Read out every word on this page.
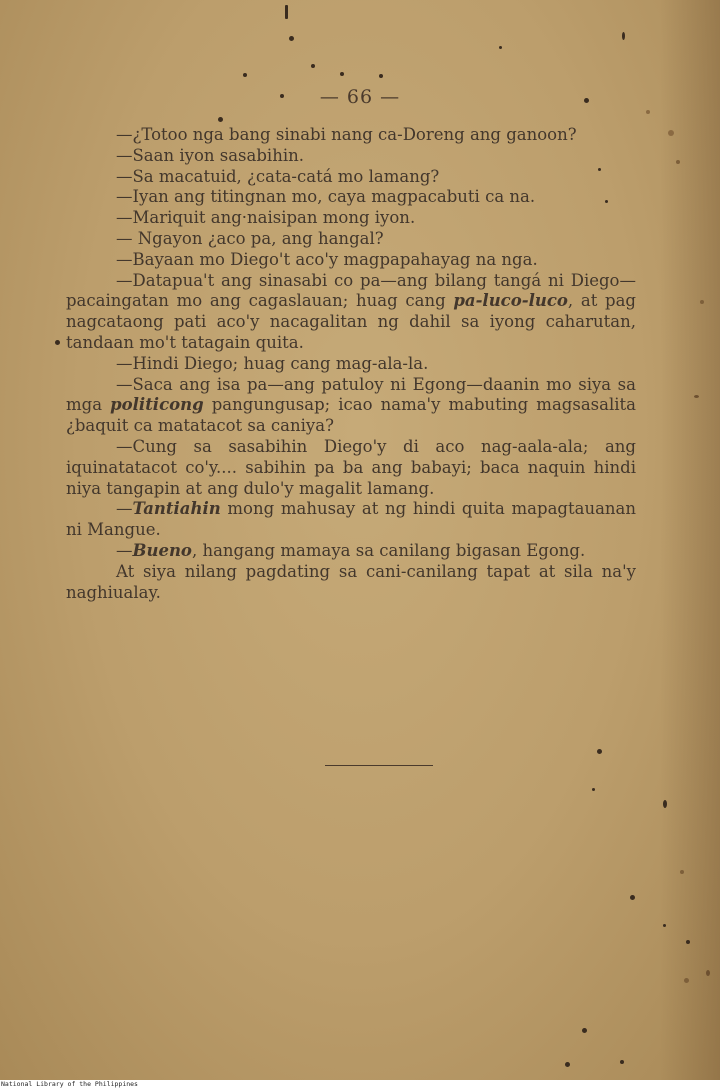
— 66 —

—¿Totoo nga bang sinabi nang ca-Doreng ang ganoon?

—Saan iyon sasabihin.

—Sa macatuid, ¿cata-catá mo lamang?

—Iyan ang titingnan mo, caya magpacabuti ca na.

—Mariquit ang·naisipan mong iyon.

— Ngayon ¿aco pa, ang hangal?

—Bayaan mo Diego't aco'y magpapahayag na nga.

—Datapua't ang sinasabi co pa—ang bilang tangá ni Diego—pacaingatan mo ang cagaslauan; huag cang pa-luco-luco, at pag nagcataong pati aco'y nacagalitan ng dahil sa iyong caharutan, tandaan mo't tatagain quita.

—Hindi Diego; huag cang mag-ala-la.

—Saca ang isa pa—ang patuloy ni Egong—daanin mo siya sa mga politicong pangungusap; icao nama'y mabuting magsasalita ¿baquit ca matatacot sa caniya?

—Cung sa sasabihin Diego'y di aco nag-aala-ala; ang iquinatatacot co'y.... sabihin pa ba ang babayi; baca naquin hindi niya tangapin at ang dulo'y magalit lamang.

—Tantiahin mong mahusay at ng hindi quita mapagtauanan ni Mangue.

—Bueno, hangang mamaya sa canilang bigasan Egong.

At siya nilang pagdating sa cani-canilang tapat at sila na'y naghiualay.

National Library of the Philippines
